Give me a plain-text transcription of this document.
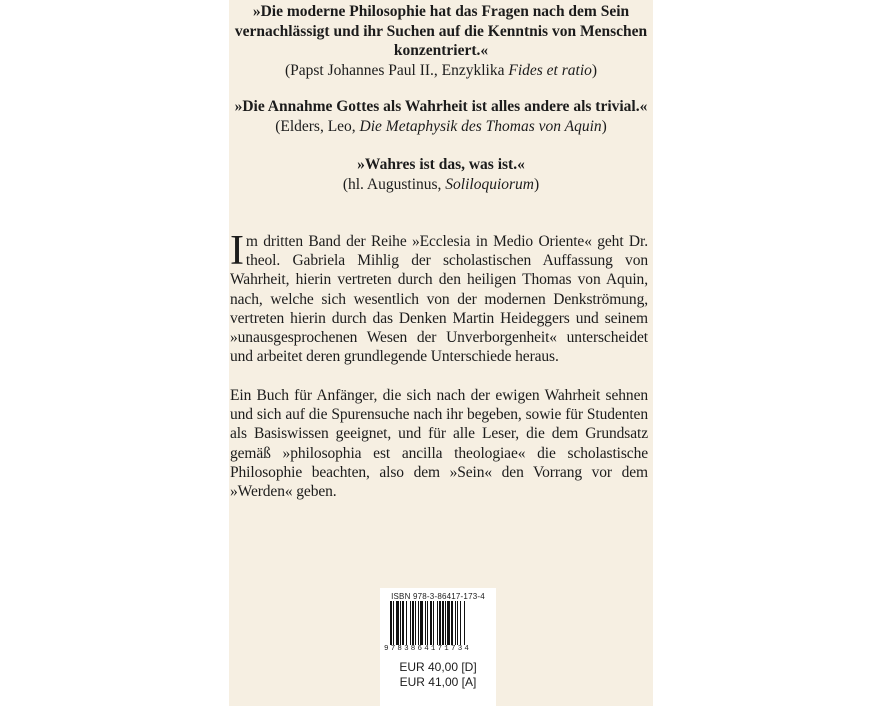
»Die moderne Philosophie hat das Fragen nach dem Sein vernachlässigt und ihr Suchen auf die Kenntnis von Menschen konzentriert.«
(Papst Johannes Paul II., Enzyklika Fides et ratio)
»Die Annahme Gottes als Wahrheit ist alles andere als trivial.«
(Elders, Leo, Die Metaphysik des Thomas von Aquin)
»Wahres ist das, was ist.«
(hl. Augustinus, Soliloquiorum)
Im dritten Band der Reihe »Ecclesia in Medio Oriente« geht Dr. theol. Gabriela Mihlig der scholastischen Auffassung von Wahrheit, hierin vertreten durch den heiligen Thomas von Aquin, nach, welche sich wesentlich von der modernen Denkströmung, vertreten hierin durch das Denken Martin Heideggers und seinem »unausgesprochenen Wesen der Unverborgenheit« unterscheidet und arbeitet deren grundlegende Unterschiede heraus.
Ein Buch für Anfänger, die sich nach der ewigen Wahrheit sehnen und sich auf die Spurensuche nach ihr begeben, sowie für Studenten als Basiswissen geeignet, und für alle Leser, die dem Grundsatz gemäß »philosophia est ancilla theologiae« die scholastische Philosophie beachten, also dem »Sein« den Vorrang vor dem »Werden« geben.
ISBN 978-3-86417-173-4
9783864171734
EUR 40,00 [D]
EUR 41,00 [A]
